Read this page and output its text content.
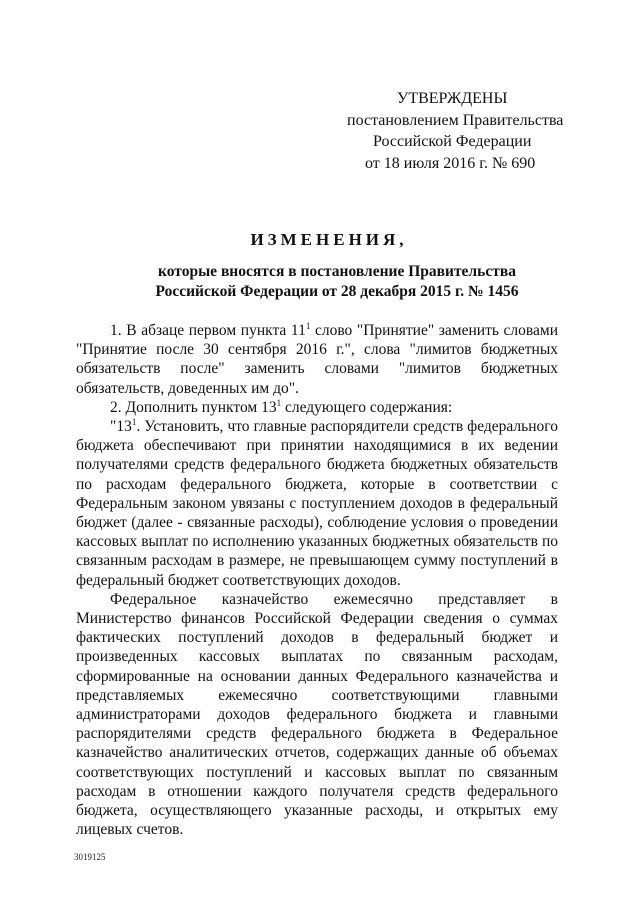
УТВЕРЖДЕНЫ
постановлением Правительства
Российской Федерации
от 18 июля 2016 г. № 690
ИЗМЕНЕНИЯ,
которые вносятся в постановление Правительства
Российской Федерации от 28 декабря 2015 г. № 1456

1. В абзаце первом пункта $11^1$ слово "Принятие" заменить словами "Принятие после 30 сентября 2016 г.", слова "лимитов бюджетных обязательств после" заменить словами "лимитов бюджетных обязательств, доведенных им до".

2. Дополнить пунктом $13^1$ следующего содержания:

"$13^1$. Установить, что главные распорядители средств федерального бюджета обеспечивают при принятии находящимися в их ведении получателями средств федерального бюджета бюджетных обязательств по расходам федерального бюджета, которые в соответствии с Федеральным законом увязаны с поступлением доходов в федеральный бюджет (далее - связанные расходы), соблюдение условия о проведении кассовых выплат по исполнению указанных бюджетных обязательств по связанным расходам в размере, не превышающем сумму поступлений в федеральный бюджет соответствующих доходов.

Федеральное казначейство ежемесячно представляет в Министерство финансов Российской Федерации сведения о суммах фактических поступлений доходов в федеральный бюджет и произведенных кассовых выплатах по связанным расходам, сформированные на основании данных Федерального казначейства и представляемых ежемесячно соответствующими главными администраторами доходов федерального бюджета и главными распорядителями средств федерального бюджета в Федеральное казначейство аналитических отчетов, содержащих данные об объемах соответствующих поступлений и кассовых выплат по связанным расходам в отношении каждого получателя средств федерального бюджета, осуществляющего указанные расходы, и открытых ему лицевых счетов.

3019125
